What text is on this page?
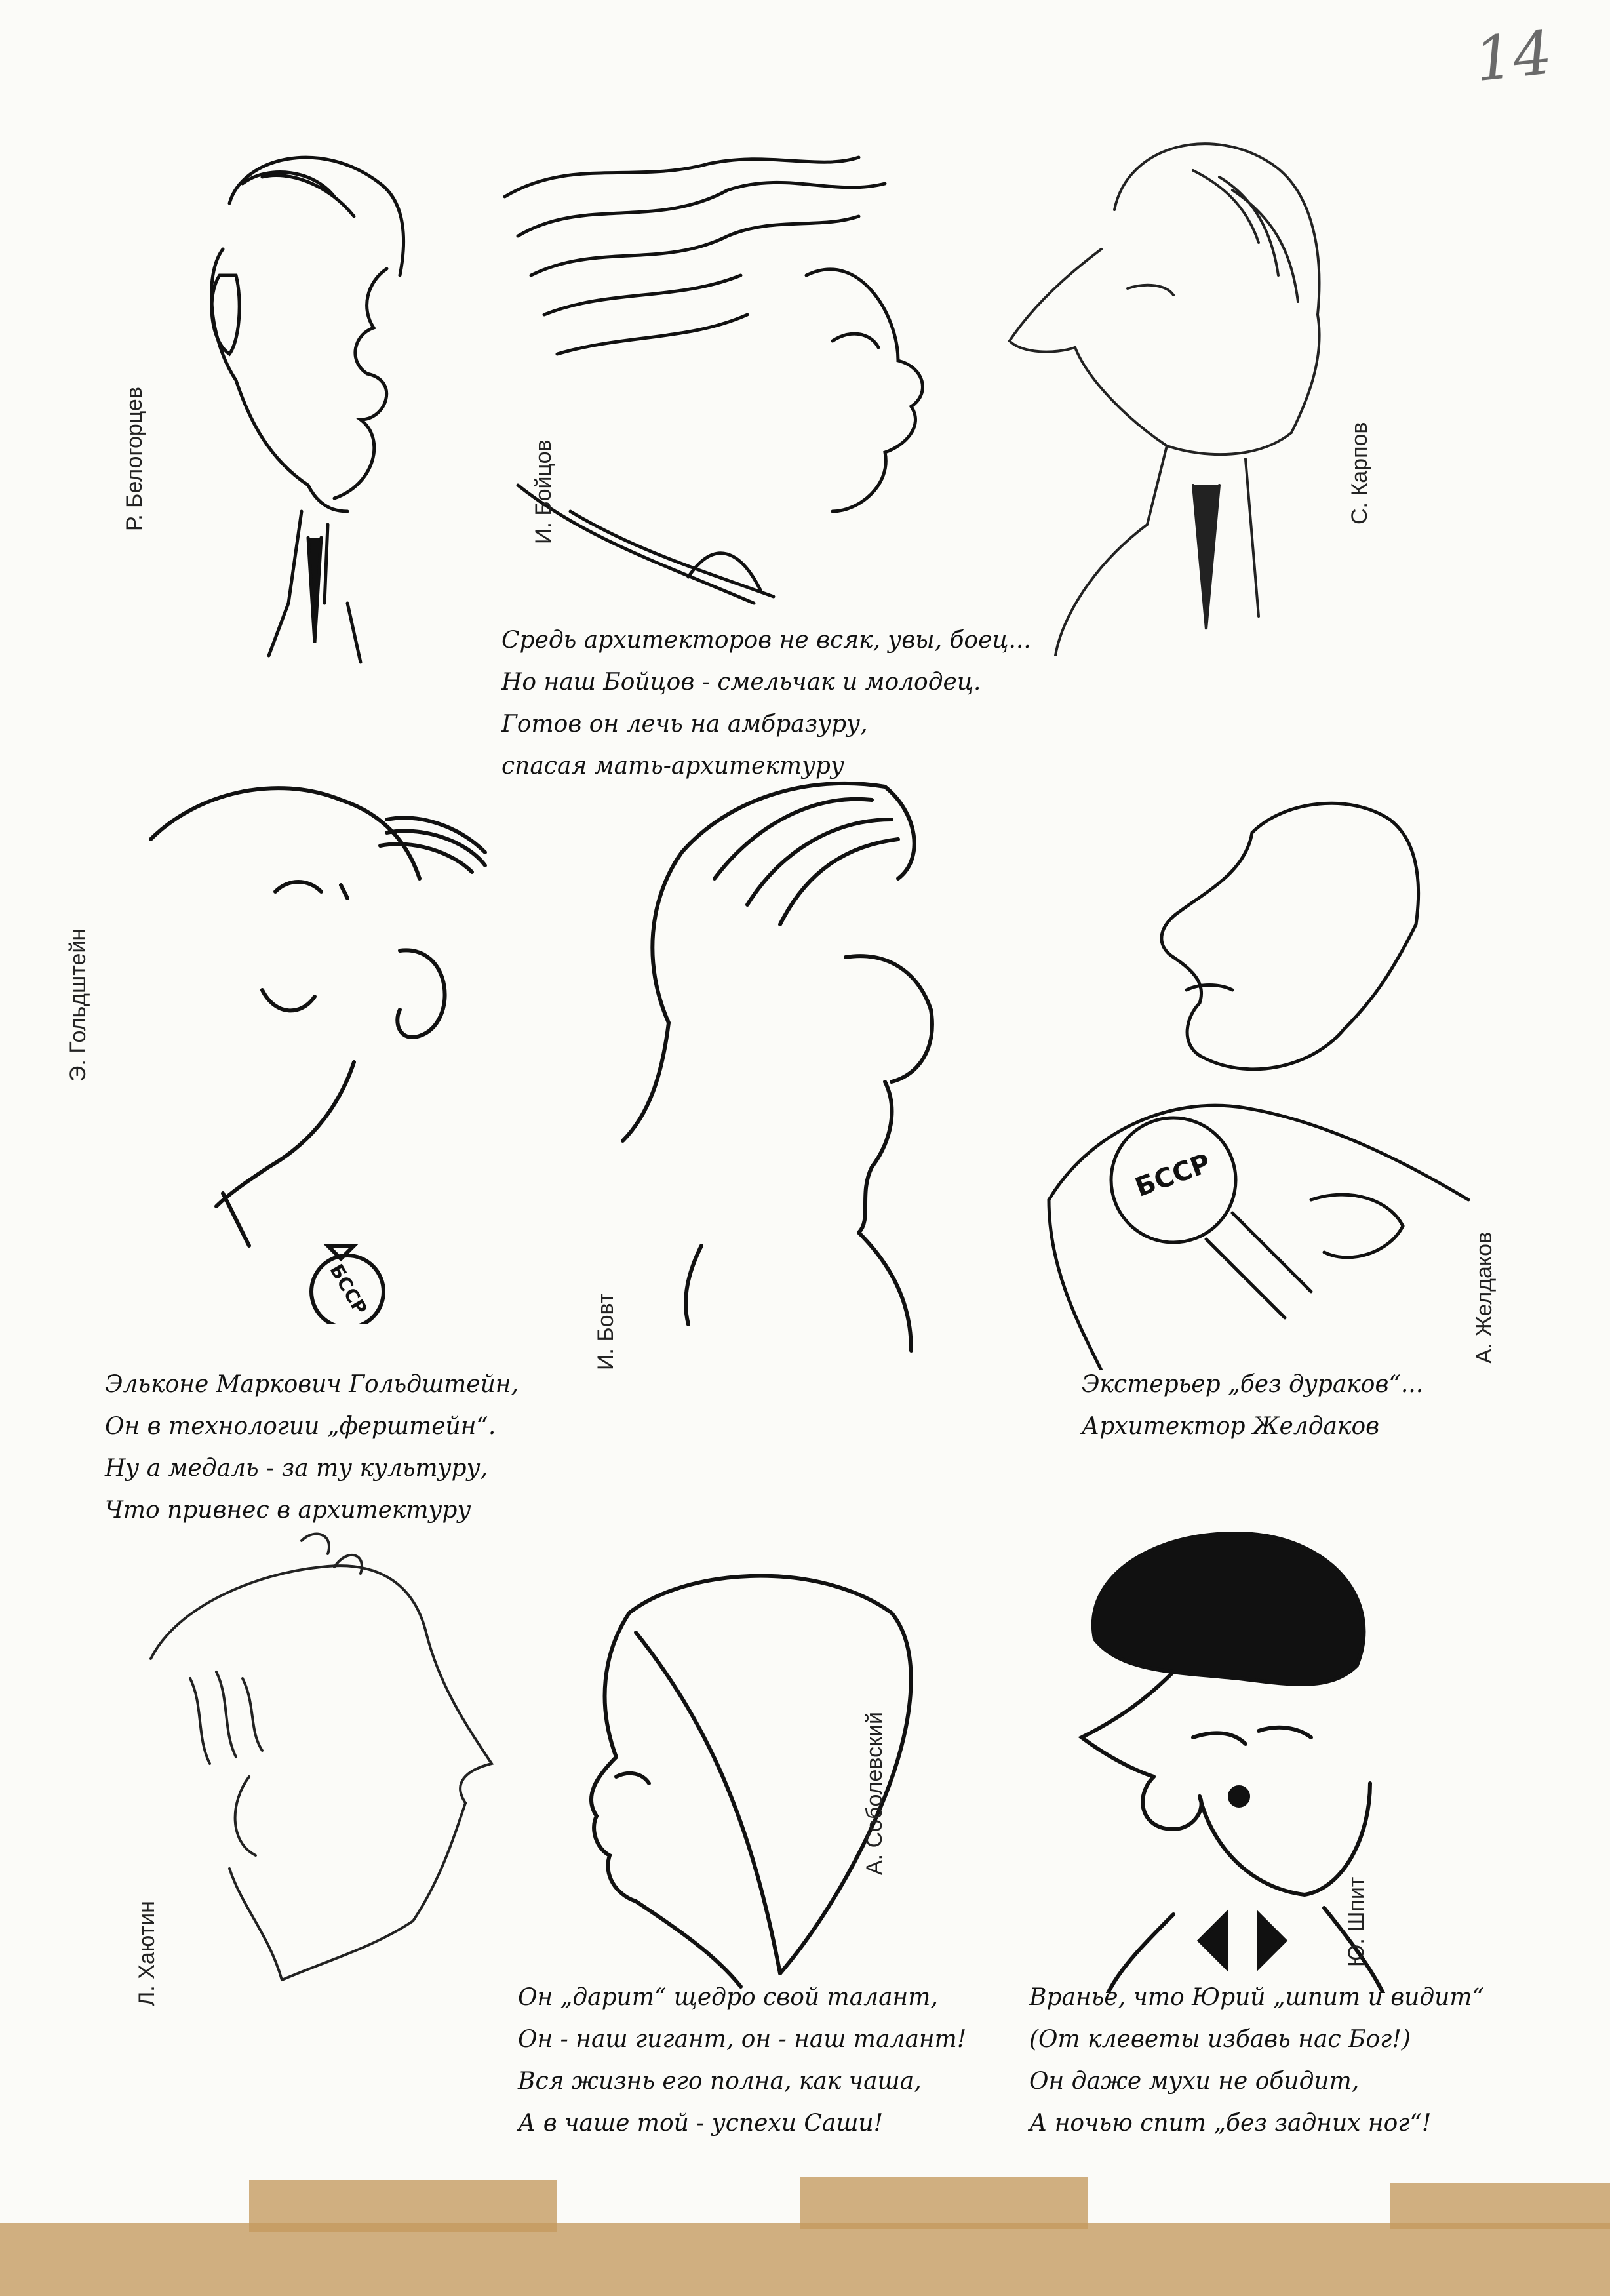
14
Р. Белогорцев	И. Бойцов	С. Карпов
Средь архитекторов не всяк, увы, боец...
Но наш Бойцов - смельчак и молодец.
Готов он лечь на амбразуру,
спасая мать-архитектуру
БССР
Э. Гольдштейн
И. Бовт
БССР
А. Желдаков
Эльконе Маркович Гольдштейн,
Он в технологии „ферштейн“.
Ну а медаль - за ту культуру,
Что привнес в архитектуру
Экстерьер „без дураков“...
Архитектор Желдаков
Л. Хаютин
А. Соболевский
Ю. Шпит
Он „дарит“ щедро свой талант,
Он - наш гигант, он - наш талант!
Вся жизнь его полна, как чаша,
А в чаше той - успехи Саши!
Вранье, что Юрий „шпит и видит“
(От клеветы избавь нас Бог!)
Он даже мухи не обидит,
А ночью спит „без задних ног“!
